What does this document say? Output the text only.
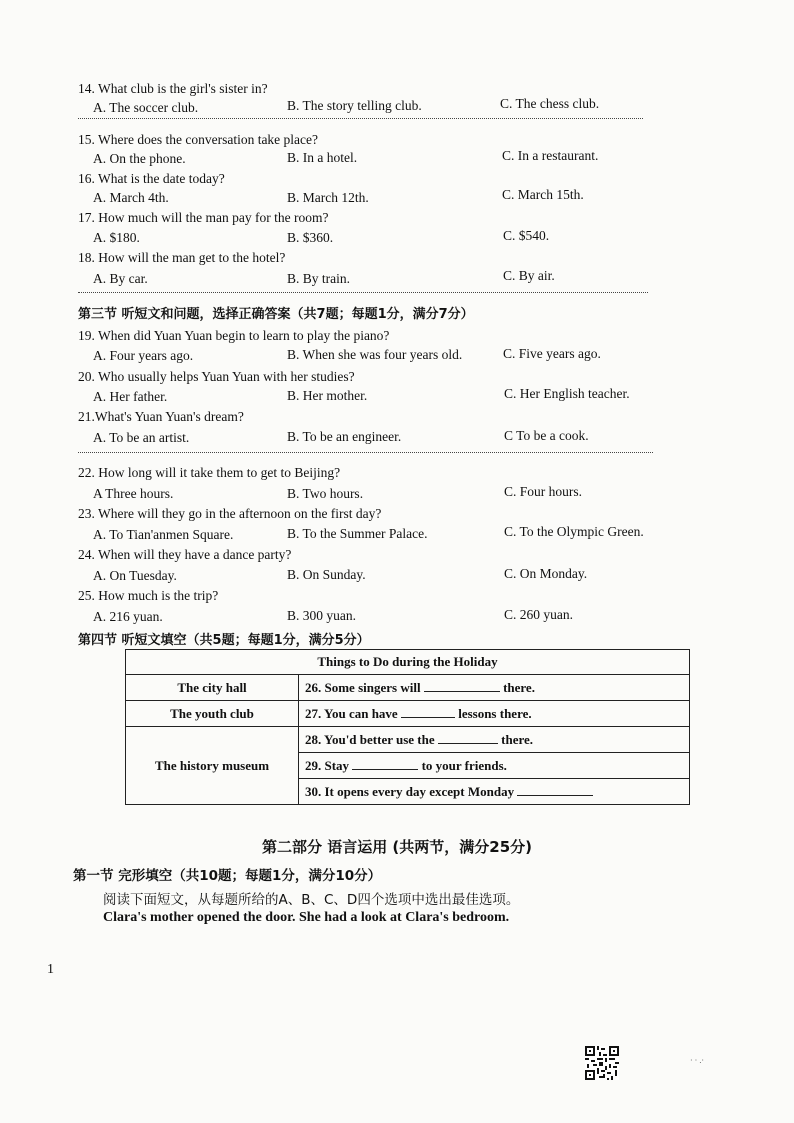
14. What club is the girl's sister in?
A. The soccer club.	B. The story telling club.	C. The chess club.
15. Where does the conversation take place?
A. On the phone.	B. In a hotel.	C. In a restaurant.
16. What is the date today?
A. March 4th.	B. March 12th.	C. March 15th.
17. How much will the man pay for the room?
A. $180.	B. $360.	C. $540.
18. How will the man get to the hotel?
A. By car.	B. By train.	C. By air.
第三节 听短文和问题，选择正确答案（共7题；每题1分，满分7分）
19. When did Yuan Yuan begin to learn to play the piano?
A. Four years ago.	B. When she was four years old.	C. Five years ago.
20. Who usually helps Yuan Yuan with her studies?
A. Her father.	B. Her mother.	C. Her English teacher.
21.What's Yuan Yuan's dream?
A. To be an artist.	B. To be an engineer.	C To be a cook.
22. How long will it take them to get to Beijing?
A Three hours.	B. Two hours.	C. Four hours.
23. Where will they go in the afternoon on the first day?
A. To Tian'anmen Square.	B. To the Summer Palace.	C. To the Olympic Green.
24. When will they have a dance party?
A. On Tuesday.	B. On Sunday.	C. On Monday.
25. How much is the trip?
A. 216 yuan.	B. 300 yuan.	C. 260 yuan.
第四节 听短文填空（共5题；每题1分，满分5分）
Things to Do during the Holiday	
The city hall	26. Some singers will there.
The youth club	27. You can have lessons there.
The history museum	28. You'd better use the there.
	29. Stay to your friends.
	30. It opens every day except Monday
第二部分 语言运用 (共两节，满分25分)
第一节 完形填空（共10题；每题1分，满分10分）
阅读下面短文，从每题所给的A、B、C、D四个选项中选出最佳选项。
Clara's mother opened the door. She had a look at Clara's bedroom.
1
· · .·
